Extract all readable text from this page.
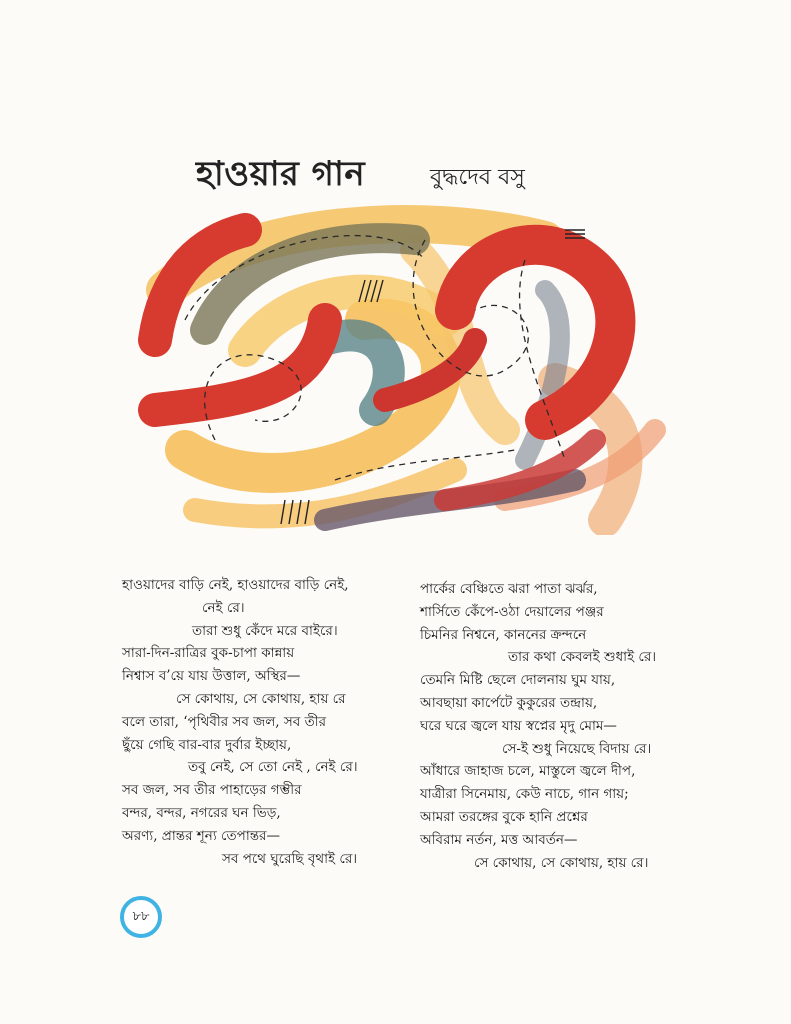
হাওয়ার গান	বুদ্ধদেব বসু
হাওয়াদের বাড়ি নেই, হাওয়াদের বাড়ি নেই,
নেই রে।
তারা শুধু কেঁদে মরে বাইরে।
সারা-দিন-রাত্রির বুক-চাপা কান্নায়
নিশ্বাস ব’য়ে যায় উত্তাল, অস্থির—
সে কোথায়, সে কোথায়, হায় রে
বলে তারা, ‘পৃথিবীর সব জল, সব তীর
ছুঁয়ে গেছি বার-বার দুর্বার ইচ্ছায়,
তবু নেই, সে তো নেই , নেই রে।
সব জল, সব তীর পাহাড়ের গম্ভীর
বন্দর, বন্দর, নগরের ঘন ভিড়,
অরণ্য, প্রান্তর শূন্য তেপান্তর—
সব পথে ঘুরেছি বৃথাই রে।
পার্কের বেঞ্চিতে ঝরা পাতা ঝর্ঝর,
শার্সিতে কেঁপে-ওঠা দেয়ালের পঞ্জর
চিমনির নিশ্বনে, কাননের ক্রন্দনে
তার কথা কেবলই শুধাই রে।
তেমনি মিষ্টি ছেলে দোলনায় ঘুম যায়,
আবছায়া কার্পেটে কুকুরের তন্দ্রায়,
ঘরে ঘরে জ্বলে যায় স্বপ্নের মৃদু মোম—
সে-ই শুধু নিয়েছে বিদায় রে।
আঁধারে জাহাজ চলে, মাস্তুলে জ্বলে দীপ,
যাত্রীরা সিনেমায়, কেউ নাচে, গান গায়;
আমরা তরঙ্গের বুকে হানি প্রশ্নের
অবিরাম নর্তন, মত্ত আবর্তন—
সে কোথায়, সে কোথায়, হায় রে।
৮৮
